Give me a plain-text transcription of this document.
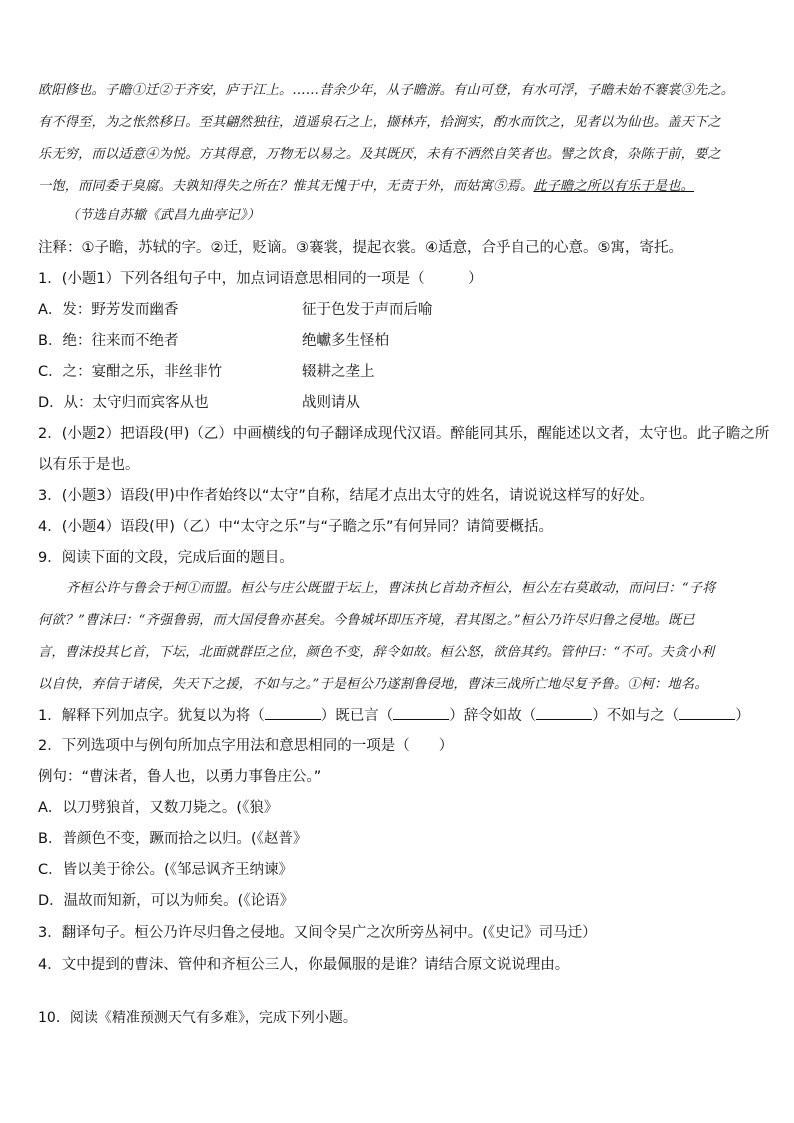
欧阳修也。子瞻①迁②于齐安，庐于江上。……昔余少年，从子瞻游。有山可登，有水可浮，子瞻未始不褰裳③先之。
有不得至，为之怅然移日。至其翩然独往，逍遥泉石之上，撷林卉，拾涧实，酌水而饮之，见者以为仙也。盖天下之
乐无穷，而以适意④为悦。方其得意，万物无以易之。及其既厌，未有不洒然自笑者也。譬之饮食，杂陈于前，要之
一饱，而同委于臭腐。夫孰知得失之所在？惟其无愧于中，无责于外，而姑寓⑤焉。此子瞻之所以有乐于是也。
（节选自苏辙《武昌九曲亭记》）
注释：①子瞻，苏轼的字。②迁，贬谪。③褰裳，提起衣裳。④适意，合乎自己的心意。⑤寓，寄托。
1．(小题1）下列各组句子中，加点词语意思相同的一项是（　　　）
A．发：野芳发而幽香	征于色发于声而后喻
B．绝：往来而不绝者	绝巘多生怪柏
C．之：宴酣之乐，非丝非竹	辍耕之垄上
D．从：太守归而宾客从也	战则请从
2．(小题2）把语段(甲)（乙）中画横线的句子翻译成现代汉语。醉能同其乐，醒能述以文者，太守也。此子瞻之所
以有乐于是也。
3．(小题3）语段(甲)中作者始终以“太守”自称，结尾才点出太守的姓名，请说说这样写的好处。
4．(小题4）语段(甲)（乙）中“太守之乐”与“子瞻之乐”有何异同？请简要概括。
9．阅读下面的文段，完成后面的题目。
齐桓公许与鲁会于柯①而盟。桓公与庄公既盟于坛上，曹沫执匕首劫齐桓公，桓公左右莫敢动，而问曰：“子将
何欲？”曹沫曰：“齐强鲁弱，而大国侵鲁亦甚矣。今鲁城坏即压齐境，君其图之。”桓公乃许尽归鲁之侵地。既已
言，曹沫投其匕首，下坛，北面就群臣之位，颜色不变，辞令如故。桓公怒，欲倍其约。管仲曰：“不可。夫贪小利
以自快，弃信于诸侯，失天下之援，不如与之。”于是桓公乃遂割鲁侵地，曹沫三战所亡地尽复予鲁。①柯：地名。
1．解释下列加点字。犹复以为将（	）既已言（	）辞令如故（	）不如与之（	）
2．下列选项中与例句所加点字用法和意思相同的一项是（　　）
例句：“曹沫者，鲁人也，以勇力事鲁庄公。”
A．以刀劈狼首，又数刀毙之。(《狼》
B．普颜色不变，蹶而拾之以归。(《赵普》
C．皆以美于徐公。(《邹忌讽齐王纳谏》
D．温故而知新，可以为师矣。(《论语》
3．翻译句子。桓公乃许尽归鲁之侵地。又间令吴广之次所旁丛祠中。(《史记》司马迁）
4．文中提到的曹沫、管仲和齐桓公三人，你最佩服的是谁？请结合原文说说理由。
10．阅读《精准预测天气有多难》，完成下列小题。
